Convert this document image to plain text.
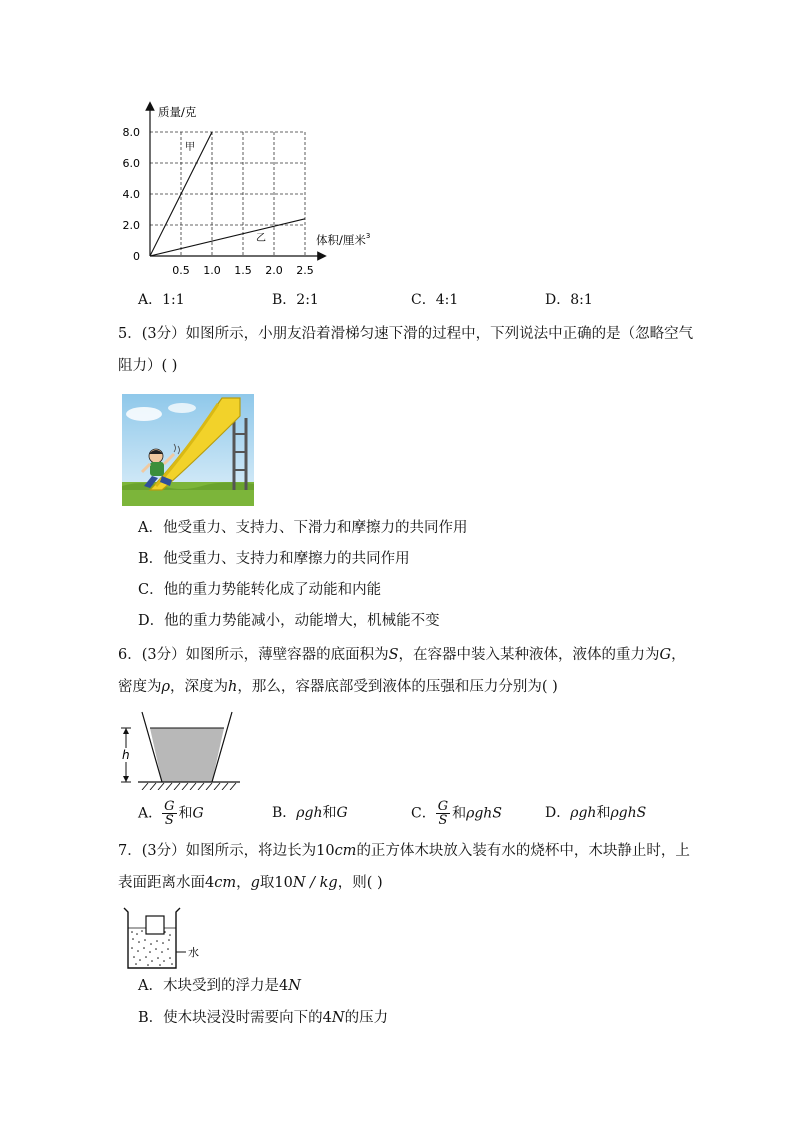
0
2.0
4.0
6.0
8.0
0.5 1.0 1.5 2.0 2.5
质量/克
体积/厘米$^3$
甲
乙
A．1:1	B．2:1	C．4:1	D．8:1
5．(3分）如图所示，小朋友沿着滑梯匀速下滑的过程中，下列说法中正确的是（忽略空气
阻力）( )
A．他受重力、支持力、下滑力和摩擦力的共同作用
B．他受重力、支持力和摩擦力的共同作用
C．他的重力势能转化成了动能和内能
D．他的重力势能减小，动能增大，机械能不变
6．(3分）如图所示，薄壁容器的底面积为S，在容器中装入某种液体，液体的重力为G，
密度为ρ，深度为h，那么，容器底部受到液体的压强和压力分别为( )
h
A． $\frac{G}{S}$ 和G	B．ρgh和G	C． $\frac{G}{S}$ 和ρghS	D．ρgh和ρghS
7．(3分）如图所示，将边长为10cm的正方体木块放入装有水的烧杯中，木块静止时，上
表面距离水面4cm，g取10N / kg，则( )
水
A．木块受到的浮力是4N
B．使木块浸没时需要向下的4N的压力
